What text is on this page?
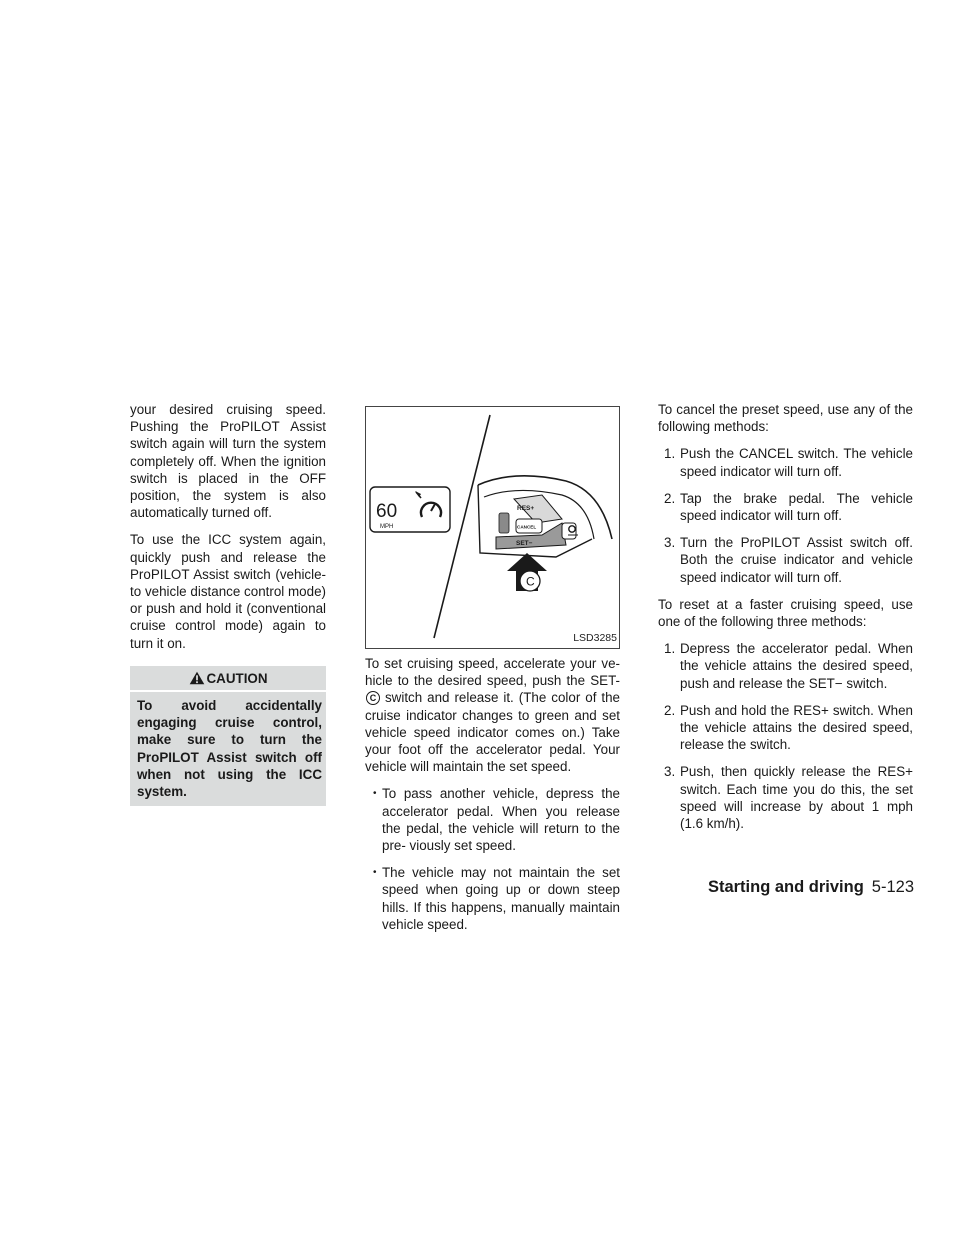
your desired cruising speed. Pushing the ProPILOT Assist switch again will turn the system completely off. When the ignition switch is placed in the OFF position, the system is also automatically turned off.

To use the ICC system again, quickly push and release the ProPILOT Assist switch (vehicle-to vehicle distance control mode) or push and hold it (conventional cruise control mode) again to turn it on.

CAUTION
To avoid accidentally engaging cruise control, make sure to turn the ProPILOT Assist switch off when not using the ICC system.
60
MPH
RES+
CANCEL
SET−
C
LSD3285

To set cruising speed, accelerate your ve- hicle to the desired speed, push the SET-C switch and release it. (The color of the cruise indicator changes to green and set vehicle speed indicator comes on.) Take your foot off the accelerator pedal. Your vehicle will maintain the set speed.

• To pass another vehicle, depress the accelerator pedal. When you release the pedal, the vehicle will return to the pre- viously set speed.
• The vehicle may not maintain the set speed when going up or down steep hills. If this happens, manually maintain vehicle speed.

To cancel the preset speed, use any of the following methods:

1. Push the CANCEL switch. The vehicle speed indicator will turn off.
2. Tap the brake pedal. The vehicle speed indicator will turn off.
3. Turn the ProPILOT Assist switch off. Both the cruise indicator and vehicle speed indicator will turn off.

To reset at a faster cruising speed, use one of the following three methods:

1. Depress the accelerator pedal. When the vehicle attains the desired speed, push and release the SET− switch.
2. Push and hold the RES+ switch. When the vehicle attains the desired speed, release the switch.
3. Push, then quickly release the RES+ switch. Each time you do this, the set speed will increase by about 1 mph (1.6 km/h).
Starting and driving 5-123
